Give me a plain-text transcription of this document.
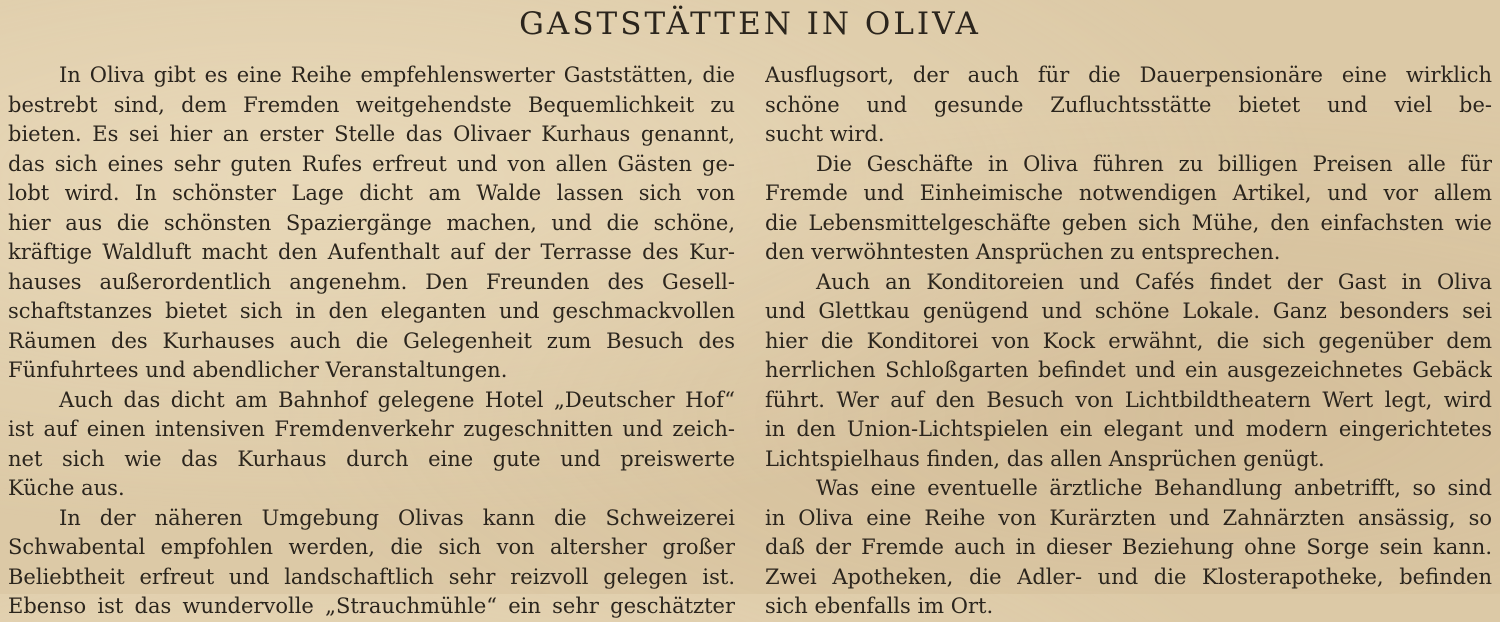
GASTSTÄTTEN IN OLIVA
In Oliva gibt es eine Reihe empfehlenswerter Gaststätten, die
bestrebt sind, dem Fremden weitgehendste Bequemlichkeit zu
bieten. Es sei hier an erster Stelle das Olivaer Kurhaus genannt,
das sich eines sehr guten Rufes erfreut und von allen Gästen ge-
lobt wird. In schönster Lage dicht am Walde lassen sich von
hier aus die schönsten Spaziergänge machen, und die schöne,
kräftige Waldluft macht den Aufenthalt auf der Terrasse des Kur-
hauses außerordentlich angenehm. Den Freunden des Gesell-
schaftstanzes bietet sich in den eleganten und geschmackvollen
Räumen des Kurhauses auch die Gelegenheit zum Besuch des
Fünfuhrtees und abendlicher Veranstaltungen.
Auch das dicht am Bahnhof gelegene Hotel „Deutscher Hof“
ist auf einen intensiven Fremdenverkehr zugeschnitten und zeich-
net sich wie das Kurhaus durch eine gute und preiswerte
Küche aus.
In der näheren Umgebung Olivas kann die Schweizerei
Schwabental empfohlen werden, die sich von altersher großer
Beliebtheit erfreut und landschaftlich sehr reizvoll gelegen ist.
Ebenso ist das wundervolle „Strauchmühle“ ein sehr geschätzter
Ausflugsort, der auch für die Dauerpensionäre eine wirklich
schöne und gesunde Zufluchtsstätte bietet und viel be-
sucht wird.
Die Geschäfte in Oliva führen zu billigen Preisen alle für
Fremde und Einheimische notwendigen Artikel, und vor allem
die Lebensmittelgeschäfte geben sich Mühe, den einfachsten wie
den verwöhntesten Ansprüchen zu entsprechen.
Auch an Konditoreien und Cafés findet der Gast in Oliva
und Glettkau genügend und schöne Lokale. Ganz besonders sei
hier die Konditorei von Kock erwähnt, die sich gegenüber dem
herrlichen Schloßgarten befindet und ein ausgezeichnetes Gebäck
führt. Wer auf den Besuch von Lichtbildtheatern Wert legt, wird
in den Union-Lichtspielen ein elegant und modern eingerichtetes
Lichtspielhaus finden, das allen Ansprüchen genügt.
Was eine eventuelle ärztliche Behandlung anbetrifft, so sind
in Oliva eine Reihe von Kurärzten und Zahnärzten ansässig, so
daß der Fremde auch in dieser Beziehung ohne Sorge sein kann.
Zwei Apotheken, die Adler- und die Klosterapotheke, befinden
sich ebenfalls im Ort.
